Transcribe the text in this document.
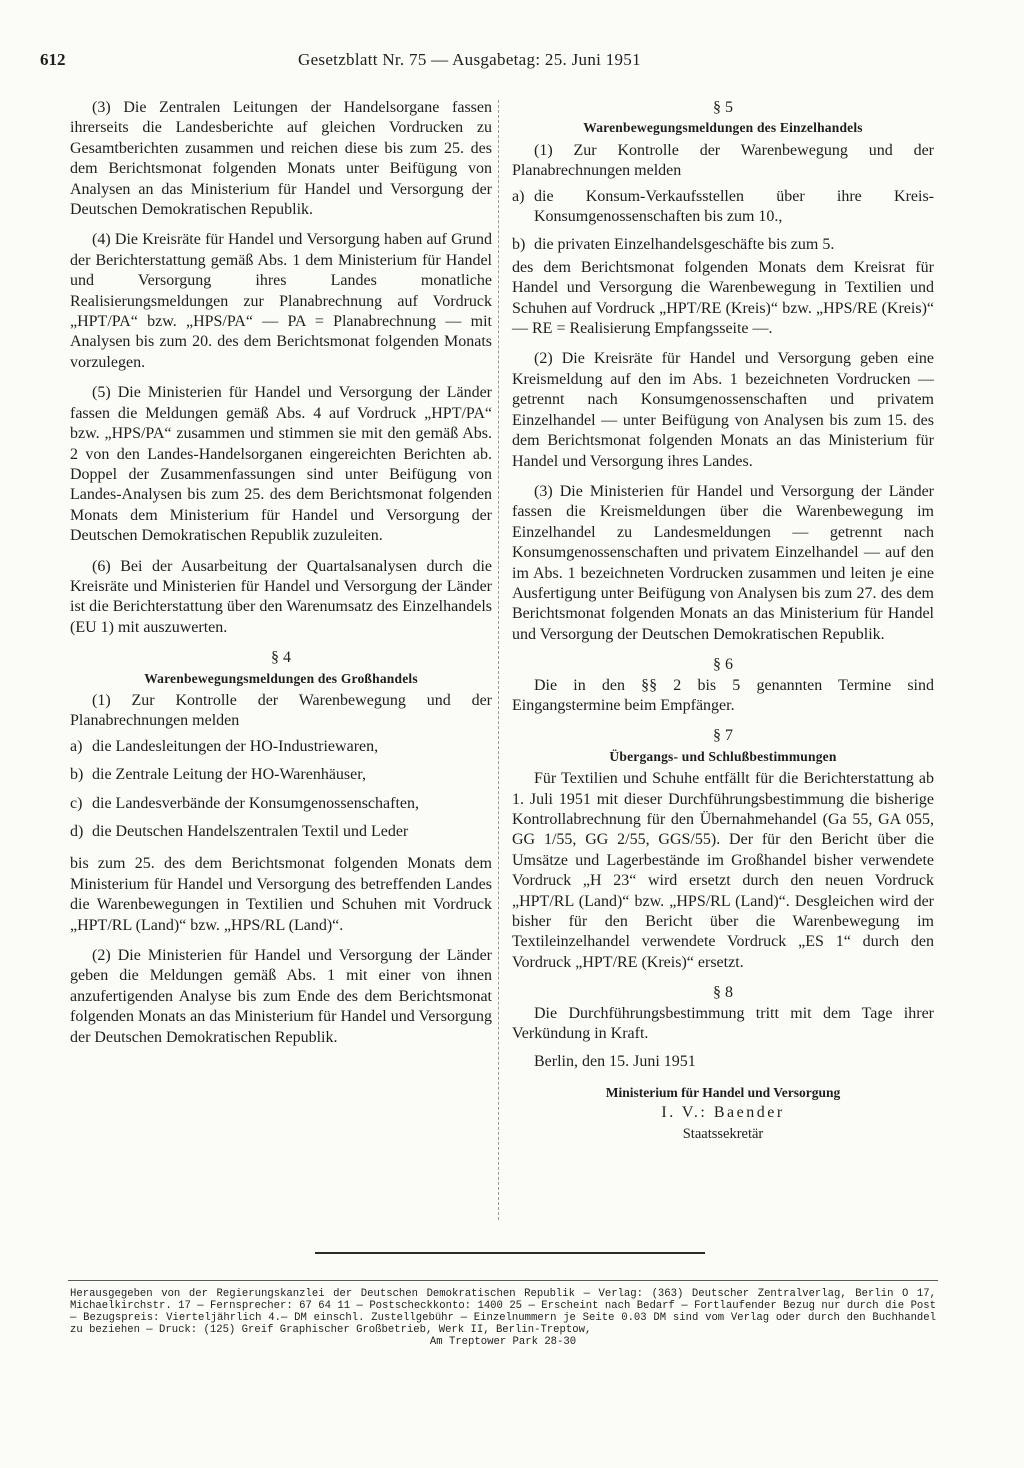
612	Gesetzblatt Nr. 75 — Ausgabetag: 25. Juni 1951

(3) Die Zentralen Leitungen der Handelsorgane fassen ihrerseits die Landesberichte auf gleichen Vordrucken zu Gesamtberichten zusammen und reichen diese bis zum 25. des dem Berichtsmonat folgenden Monats unter Beifügung von Analysen an das Ministerium für Handel und Versorgung der Deutschen Demokratischen Republik.

(4) Die Kreisräte für Handel und Versorgung haben auf Grund der Berichterstattung gemäß Abs. 1 dem Ministerium für Handel und Versorgung ihres Landes monatliche Realisierungsmeldungen zur Planabrechnung auf Vordruck „HPT/PA“ bzw. „HPS/PA“ — PA = Planabrechnung — mit Analysen bis zum 20. des dem Berichtsmonat folgenden Monats vorzulegen.

(5) Die Ministerien für Handel und Versorgung der Länder fassen die Meldungen gemäß Abs. 4 auf Vordruck „HPT/PA“ bzw. „HPS/PA“ zusammen und stimmen sie mit den gemäß Abs. 2 von den Landes-Handelsorganen eingereichten Berichten ab. Doppel der Zusammenfassungen sind unter Beifügung von Landes-Analysen bis zum 25. des dem Berichtsmonat folgenden Monats dem Ministerium für Handel und Versorgung der Deutschen Demokratischen Republik zuzuleiten.

(6) Bei der Ausarbeitung der Quartalsanalysen durch die Kreisräte und Ministerien für Handel und Versorgung der Länder ist die Berichterstattung über den Warenumsatz des Einzelhandels (EU 1) mit auszuwerten.

§ 4

Warenbewegungsmeldungen des Großhandels

(1) Zur Kontrolle der Warenbewegung und der Planabrechnungen melden

a) die Landesleitungen der HO-Industriewaren,
b) die Zentrale Leitung der HO-Warenhäuser,
c) die Landesverbände der Konsumgenossenschaften,
d) die Deutschen Handelszentralen Textil und Leder

bis zum 25. des dem Berichtsmonat folgenden Monats dem Ministerium für Handel und Versorgung des betreffenden Landes die Warenbewegungen in Textilien und Schuhen mit Vordruck „HPT/RL (Land)“ bzw. „HPS/RL (Land)“.

(2) Die Ministerien für Handel und Versorgung der Länder geben die Meldungen gemäß Abs. 1 mit einer von ihnen anzufertigenden Analyse bis zum Ende des dem Berichtsmonat folgenden Monats an das Ministerium für Handel und Versorgung der Deutschen Demokratischen Republik.

§ 5

Warenbewegungsmeldungen des Einzelhandels

(1) Zur Kontrolle der Warenbewegung und der Planabrechnungen melden

a) die Konsum-Verkaufsstellen über ihre Kreis-Konsumgenossenschaften bis zum 10.,
b) die privaten Einzelhandelsgeschäfte bis zum 5.

des dem Berichtsmonat folgenden Monats dem Kreisrat für Handel und Versorgung die Warenbewegung in Textilien und Schuhen auf Vordruck „HPT/RE (Kreis)“ bzw. „HPS/RE (Kreis)“ — RE = Realisierung Empfangsseite —.

(2) Die Kreisräte für Handel und Versorgung geben eine Kreismeldung auf den im Abs. 1 bezeichneten Vordrucken — getrennt nach Konsumgenossenschaften und privatem Einzelhandel — unter Beifügung von Analysen bis zum 15. des dem Berichtsmonat folgenden Monats an das Ministerium für Handel und Versorgung ihres Landes.

(3) Die Ministerien für Handel und Versorgung der Länder fassen die Kreismeldungen über die Warenbewegung im Einzelhandel zu Landesmeldungen — getrennt nach Konsumgenossenschaften und privatem Einzelhandel — auf den im Abs. 1 bezeichneten Vordrucken zusammen und leiten je eine Ausfertigung unter Beifügung von Analysen bis zum 27. des dem Berichtsmonat folgenden Monats an das Ministerium für Handel und Versorgung der Deutschen Demokratischen Republik.

§ 6

Die in den §§ 2 bis 5 genannten Termine sind Eingangstermine beim Empfänger.

§ 7

Übergangs- und Schlußbestimmungen

Für Textilien und Schuhe entfällt für die Berichterstattung ab 1. Juli 1951 mit dieser Durchführungsbestimmung die bisherige Kontrollabrechnung für den Übernahmehandel (Ga 55, GA 055, GG 1/55, GG 2/55, GGS/55). Der für den Bericht über die Umsätze und Lagerbestände im Großhandel bisher verwendete Vordruck „H 23“ wird ersetzt durch den neuen Vordruck „HPT/RL (Land)“ bzw. „HPS/RL (Land)“. Desgleichen wird der bisher für den Bericht über die Warenbewegung im Textileinzelhandel verwendete Vordruck „ES 1“ durch den Vordruck „HPT/RE (Kreis)“ ersetzt.

§ 8

Die Durchführungsbestimmung tritt mit dem Tage ihrer Verkündung in Kraft.

Berlin, den 15. Juni 1951

Ministerium für Handel und Versorgung

I. V.: Baender

Staatssekretär

Herausgegeben von der Regierungskanzlei der Deutschen Demokratischen Republik — Verlag: (363) Deutscher Zentralverlag, Berlin O 17, Michaelkirchstr. 17 — Fernsprecher: 67 64 11 — Postscheckkonto: 1400 25 — Erscheint nach Bedarf — Fortlaufender Bezug nur durch die Post — Bezugspreis: Vierteljährlich 4.— DM einschl. Zustellgebühr — Einzelnummern je Seite 0.03 DM sind vom Verlag oder durch den Buchhandel zu beziehen — Druck: (125) Greif Graphischer Großbetrieb, Werk II, Berlin-Treptow,

Am Treptower Park 28-30
